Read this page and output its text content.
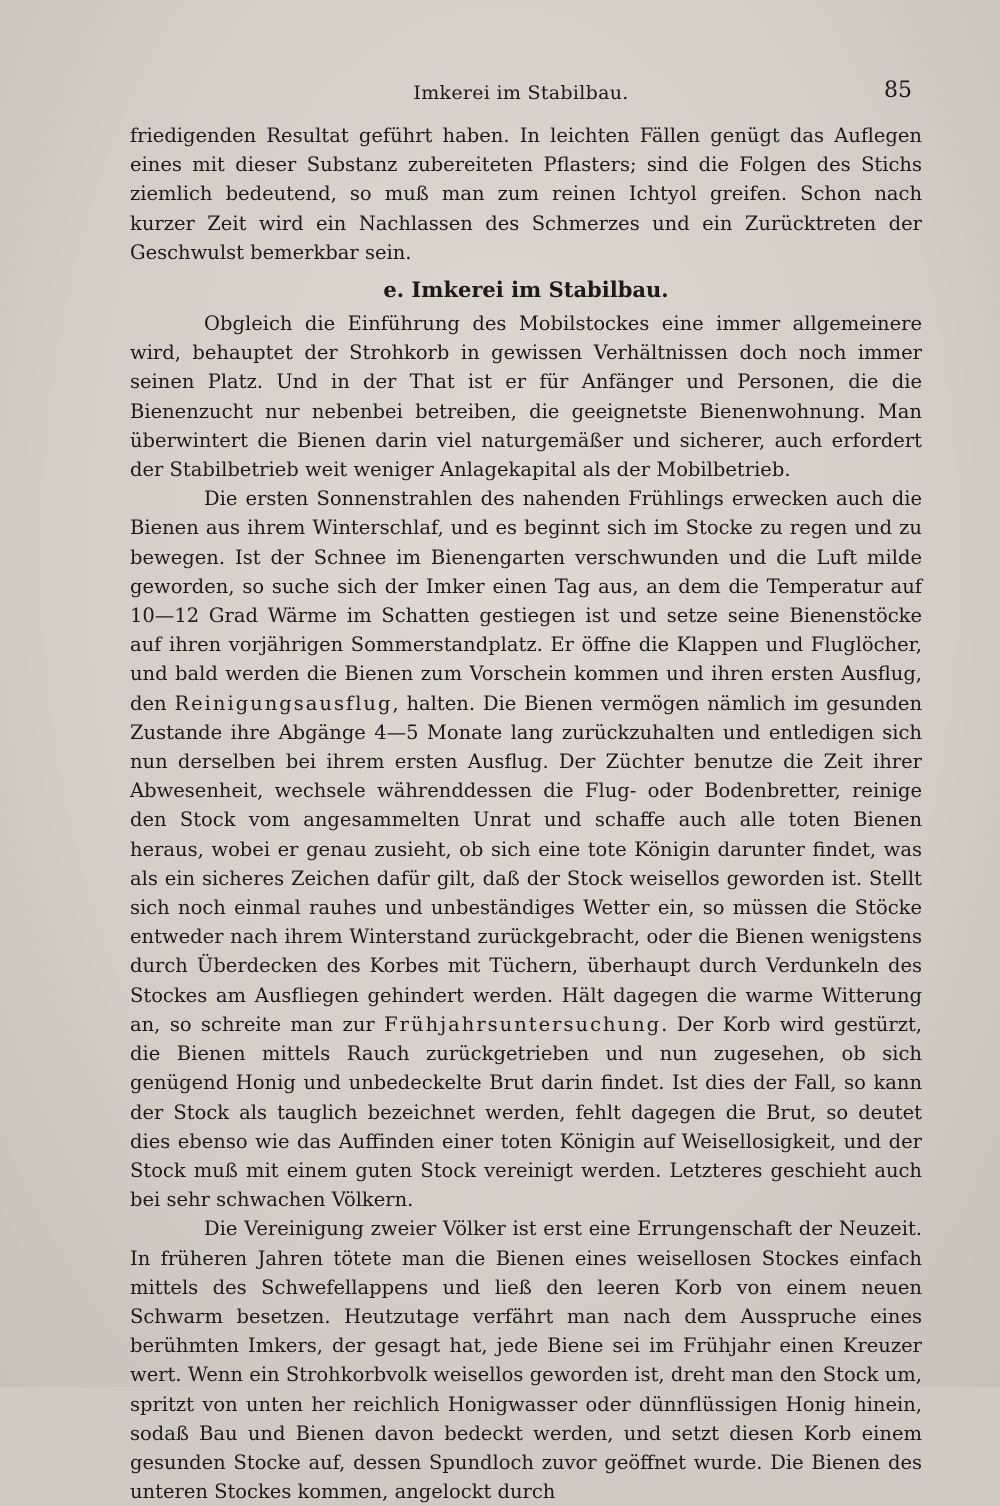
Imkerei im Stabilbau.	85

friedigenden Resultat geführt haben. In leichten Fällen genügt das Auflegen eines mit dieser Substanz zubereiteten Pflasters; sind die Folgen des Stichs ziemlich bedeutend, so muß man zum reinen Ichtyol greifen. Schon nach kurzer Zeit wird ein Nachlassen des Schmerzes und ein Zurücktreten der Geschwulst bemerkbar sein.

e. Imkerei im Stabilbau.

Obgleich die Einführung des Mobilstockes eine immer allgemeinere wird, behauptet der Strohkorb in gewissen Verhältnissen doch noch immer seinen Platz. Und in der That ist er für Anfänger und Personen, die die Bienenzucht nur nebenbei betreiben, die geeignetste Bienenwohnung. Man überwintert die Bienen darin viel naturgemäßer und sicherer, auch erfordert der Stabilbetrieb weit weniger Anlagekapital als der Mobilbetrieb.

Die ersten Sonnenstrahlen des nahenden Frühlings erwecken auch die Bienen aus ihrem Winterschlaf, und es beginnt sich im Stocke zu regen und zu bewegen. Ist der Schnee im Bienengarten verschwunden und die Luft milde geworden, so suche sich der Imker einen Tag aus, an dem die Temperatur auf 10—12 Grad Wärme im Schatten gestiegen ist und setze seine Bienenstöcke auf ihren vorjährigen Sommerstandplatz. Er öffne die Klappen und Fluglöcher, und bald werden die Bienen zum Vorschein kommen und ihren ersten Ausflug, den Reinigungsausflug, halten. Die Bienen vermögen nämlich im gesunden Zustande ihre Abgänge 4—5 Monate lang zurückzuhalten und entledigen sich nun derselben bei ihrem ersten Ausflug. Der Züchter benutze die Zeit ihrer Abwesenheit, wechsele währenddessen die Flug- oder Bodenbretter, reinige den Stock vom angesammelten Unrat und schaffe auch alle toten Bienen heraus, wobei er genau zusieht, ob sich eine tote Königin darunter findet, was als ein sicheres Zeichen dafür gilt, daß der Stock weisellos geworden ist. Stellt sich noch einmal rauhes und unbeständiges Wetter ein, so müssen die Stöcke entweder nach ihrem Winterstand zurückgebracht, oder die Bienen wenigstens durch Überdecken des Korbes mit Tüchern, überhaupt durch Verdunkeln des Stockes am Ausfliegen gehindert werden. Hält dagegen die warme Witterung an, so schreite man zur Frühjahrsuntersuchung. Der Korb wird gestürzt, die Bienen mittels Rauch zurückgetrieben und nun zugesehen, ob sich genügend Honig und unbedeckelte Brut darin findet. Ist dies der Fall, so kann der Stock als tauglich bezeichnet werden, fehlt dagegen die Brut, so deutet dies ebenso wie das Auffinden einer toten Königin auf Weisellosigkeit, und der Stock muß mit einem guten Stock vereinigt werden. Letzteres geschieht auch bei sehr schwachen Völkern.

Die Vereinigung zweier Völker ist erst eine Errungenschaft der Neuzeit. In früheren Jahren tötete man die Bienen eines weisellosen Stockes einfach mittels des Schwefellappens und ließ den leeren Korb von einem neuen Schwarm besetzen. Heutzutage verfährt man nach dem Ausspruche eines berühmten Imkers, der gesagt hat, jede Biene sei im Frühjahr einen Kreuzer wert. Wenn ein Strohkorbvolk weisellos geworden ist, dreht man den Stock um, spritzt von unten her reichlich Honigwasser oder dünnflüssigen Honig hinein, sodaß Bau und Bienen davon bedeckt werden, und setzt diesen Korb einem gesunden Stocke auf, dessen Spundloch zuvor geöffnet wurde. Die Bienen des unteren Stockes kommen, angelockt durch
